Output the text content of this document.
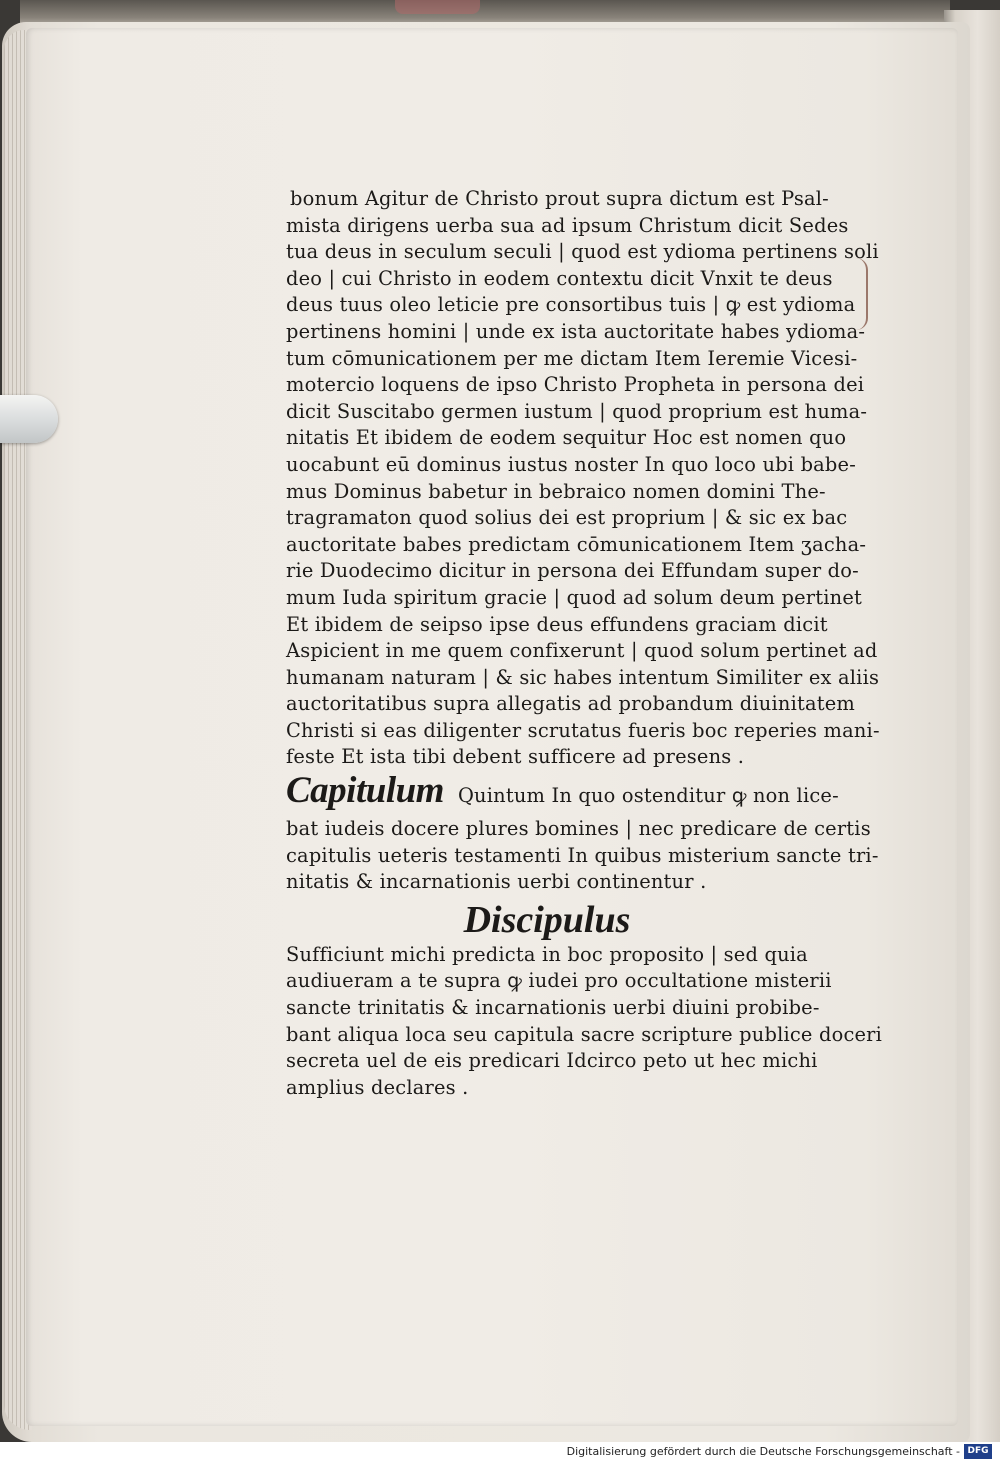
bonum Agitur de Christo prout supra dictum est Psal‑

mista dirigens uerba sua ad ipsum Christum dicit Sedes

tua deus in seculum seculi | quod est ydioma pertinens soli

deo | cui Christo in eodem contextu dicit Vnxit te deus

deus tuus oleo leticie pre consortibus tuis | ꝙ est ydioma

pertinens homini | unde ex ista auctoritate habes ydioma‑

tum cōmunicationem per me dictam Item Ieremie Vicesi‑

motercio loquens de ipso Christo Propheta in persona dei

dicit Suscitabo germen iustum | quod proprium est huma‑

nitatis Et ibidem de eodem sequitur Hoc est nomen quo

uocabunt eū dominus iustus noster In quo loco ubi babe‑

mus Dominus babetur in bebraico nomen domini The‑

tragramaton quod solius dei est proprium | & sic ex bac

auctoritate babes predictam cōmunicationem Item ʒacha‑

rie Duodecimo dicitur in persona dei Effundam super do‑

mum Iuda spiritum gracie | quod ad solum deum pertinet

Et ibidem de seipso ipse deus effundens graciam dicit

Aspicient in me quem confixerunt | quod solum pertinet ad

humanam naturam | & sic habes intentum Similiter ex aliis

auctoritatibus supra allegatis ad probandum diuinitatem

Christi si eas diligenter scrutatus fueris boc reperies mani‑

feste Et ista tibi debent sufficere ad presens .

Capitulum Quintum In quo ostenditur ꝙ non lice‑

bat iudeis docere plures bomines | nec predicare de certis

capitulis ueteris testamenti In quibus misterium sancte tri‑

nitatis & incarnationis uerbi continentur .

Discipulus

Sufficiunt michi predicta in boc proposito | sed quia

audiueram a te supra ꝙ iudei pro occultatione misterii

sancte trinitatis & incarnationis uerbi diuini probibe‑

bant aliqua loca seu capitula sacre scripture publice doceri

secreta uel de eis predicari Idcirco peto ut hec michi

amplius declares .

Digitalisierung gefördert durch die Deutsche Forschungsgemeinschaft - DFG
